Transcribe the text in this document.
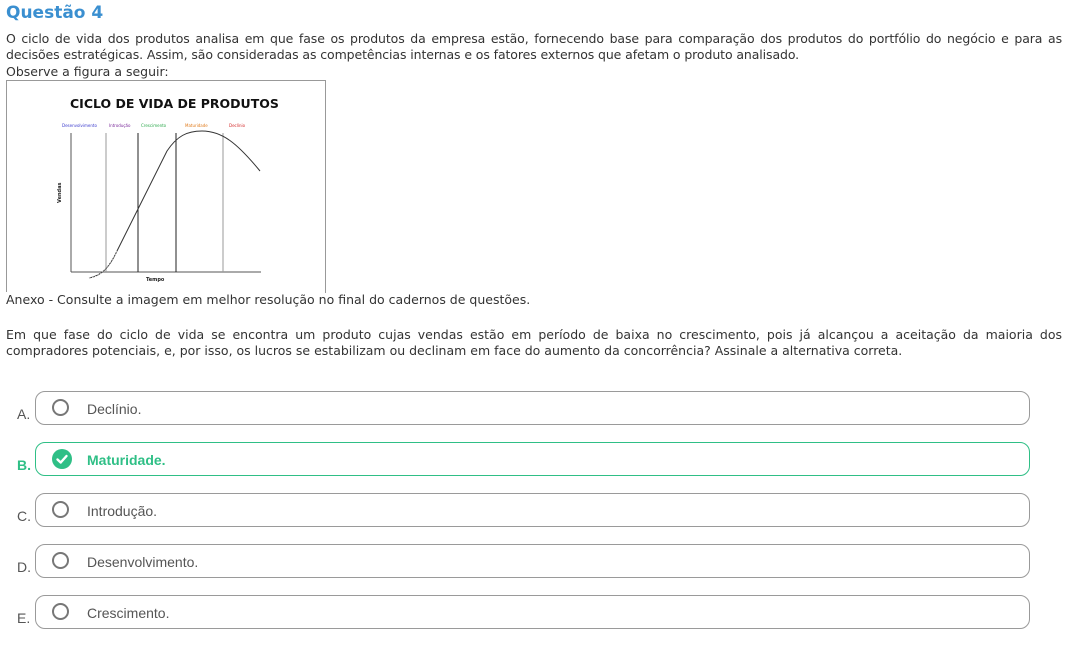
Questão 4
O ciclo de vida dos produtos analisa em que fase os produtos da empresa estão, fornecendo base para comparação dos produtos do portfólio do negócio e para as decisões estratégicas. Assim, são consideradas as competências internas e os fatores externos que afetam o produto analisado.
Observe a figura a seguir:
CICLO DE VIDA DE PRODUTOS
Desenvolvimento	Introdução	Crescimento	Maturidade	Declínio
Vendas
Tempo
Anexo - Consulte a imagem em melhor resolução no final do cadernos de questões.
Em que fase do ciclo de vida se encontra um produto cujas vendas estão em período de baixa no crescimento, pois já alcançou a aceitação da maioria dos compradores potenciais, e, por isso, os lucros se estabilizam ou declinam em face do aumento da concorrência? Assinale a alternativa correta.
A.	Declínio.
B.	Maturidade.
C.	Introdução.
D.	Desenvolvimento.
E.	Crescimento.
